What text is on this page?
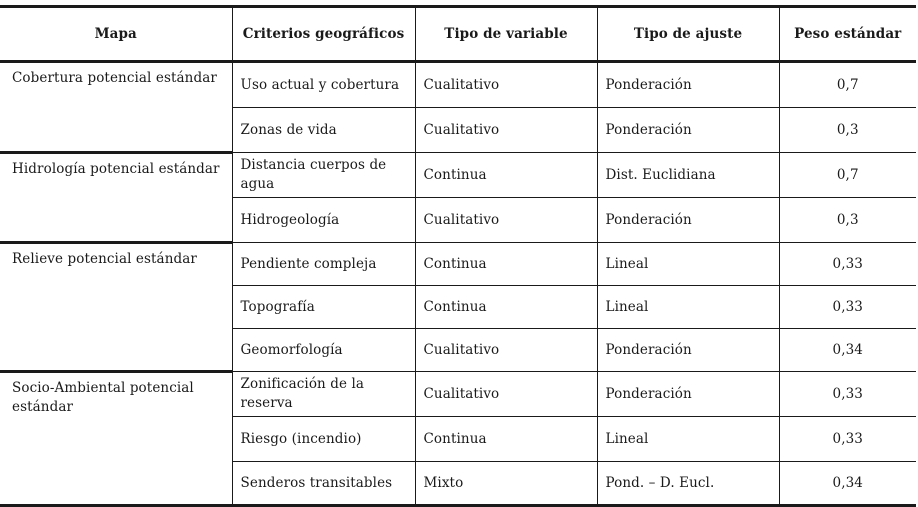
Mapa	Criterios geográficos	Tipo de variable	Tipo de ajuste	Peso estándar
Cobertura potencial estándar	Uso actual y cobertura	Cualitativo	Ponderación	0,7
	Zonas de vida	Cualitativo	Ponderación	0,3
Hidrología potencial estándar	Distancia cuerpos de agua	Continua	Dist. Euclidiana	0,7
	Hidrogeología	Cualitativo	Ponderación	0,3
Relieve potencial estándar	Pendiente compleja	Continua	Lineal	0,33
	Topografía	Continua	Lineal	0,33
	Geomorfología	Cualitativo	Ponderación	0,34
Socio-Ambiental potencial estándar	Zonificación de la reserva	Cualitativo	Ponderación	0,33
	Riesgo (incendio)	Continua	Lineal	0,33
	Senderos transitables	Mixto	Pond. – D. Eucl.	0,34
